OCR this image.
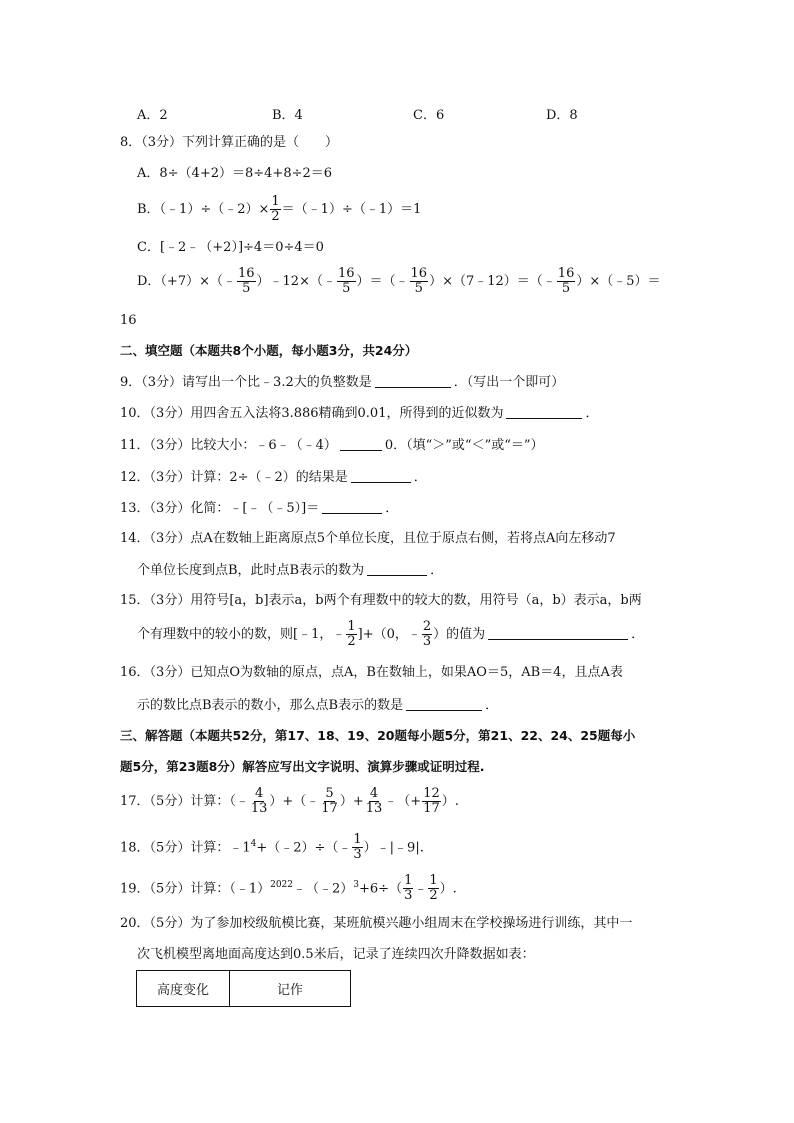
A．2	B．4	C．6	D．8
8．（3分）下列计算正确的是（　　）
A．8÷（4+2）＝8÷4+8÷2＝6
B．（﹣1）÷（﹣2）× $\frac{1}{2}$ ＝（﹣1）÷（﹣1）＝1
C．[﹣2﹣（+2）]÷4＝0÷4＝0
D．（+7）×（﹣ $\frac{16}{5}$ ）﹣12×（﹣ $\frac{16}{5}$ ）＝（﹣ $\frac{16}{5}$ ）×（7﹣12）＝（﹣ $\frac{16}{5}$ ）×（﹣5）＝
16
二、填空题（本题共8个小题，每小题3分，共24分）
9．（3分）请写出一个比﹣3.2大的负整数是	．（写出一个即可）
10．（3分）用四舍五入法将3.886精确到0.01，所得到的近似数为	．
11．（3分）比较大小：﹣6﹣（﹣4）	0．（填“＞”或“＜”或“＝”）
12．（3分）计算：2÷（﹣2）的结果是	．
13．（3分）化简：﹣[﹣（﹣5）]＝	．
14．（3分）点A在数轴上距离原点5个单位长度，且位于原点右侧，若将点A向左移动7
个单位长度到点B，此时点B表示的数为	．
15．（3分）用符号[a，b]表示a，b两个有理数中的较大的数，用符号（a，b）表示a，b两
个有理数中的较小的数，则[﹣1，﹣ $\frac{1}{2} ]+(0$，﹣ $\frac{2}{3}$ ）的值为	．
16．（3分）已知点O为数轴的原点，点A，B在数轴上，如果AO＝5，AB＝4，且点A表
示的数比点B表示的数小，那么点B表示的数是	．
三、解答题（本题共52分，第17、18、19、20题每小题5分，第21、22、24、25题每小
题5分，第23题8分）解答应写出文字说明、演算步骤或证明过程.
17．（5分）计算：（﹣ $\frac{4}{13}$ ）+（﹣ $\frac{5}{17}$ ）+ $\frac{4}{13}$ ﹣（+ $\frac{12}{17}$ ）.
18．（5分）计算：$﹣1^4+(﹣2)\div(﹣ \frac{1}{3}$ ）﹣|﹣9|.
19．（5分）计算：（﹣1）$^{2022}$﹣（﹣2）$^3$+6÷（ $\frac{1}{3}$ ﹣ $\frac{1}{2}$ ）.
20．（5分）为了参加校级航模比赛，某班航模兴趣小组周末在学校操场进行训练，其中一
次飞机模型离地面高度达到0.5米后，记录了连续四次升降数据如表：
高度变化	记作
